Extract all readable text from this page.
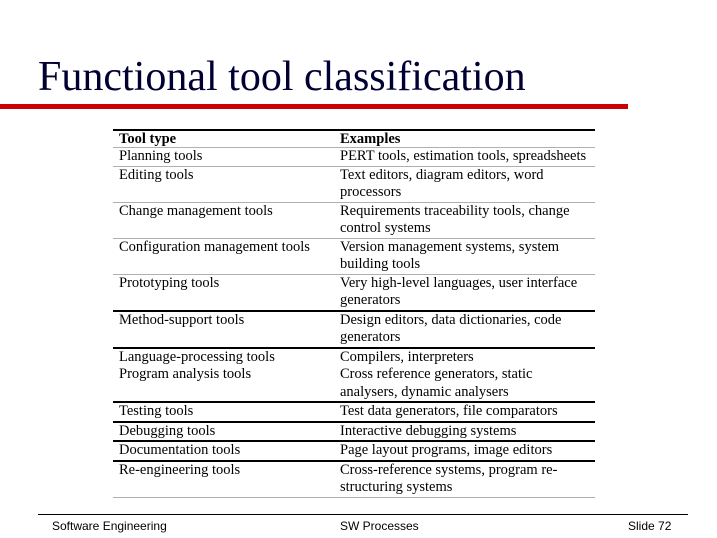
Functional tool classification
Tool type	Examples
Planning tools	PERT tools, estimation tools, spreadsheets
Editing tools	Text editors, diagram editors, word processors
Change management tools	Requirements traceability tools, change control systems
Configuration management tools	Version management systems, system building tools
Prototyping tools	Very high-level languages, user interface generators
Method-support tools	Design editors, data dictionaries, code generators
Language-processing tools	Compilers, interpreters
Program analysis tools	Cross reference generators, static analysers, dynamic analysers
Testing tools	Test data generators, file comparators
Debugging tools	Interactive debugging systems
Documentation tools	Page layout programs, image editors
Re-engineering tools	Cross-reference systems, program re-structuring systems
Software Engineering	SW Processes	Slide 72
